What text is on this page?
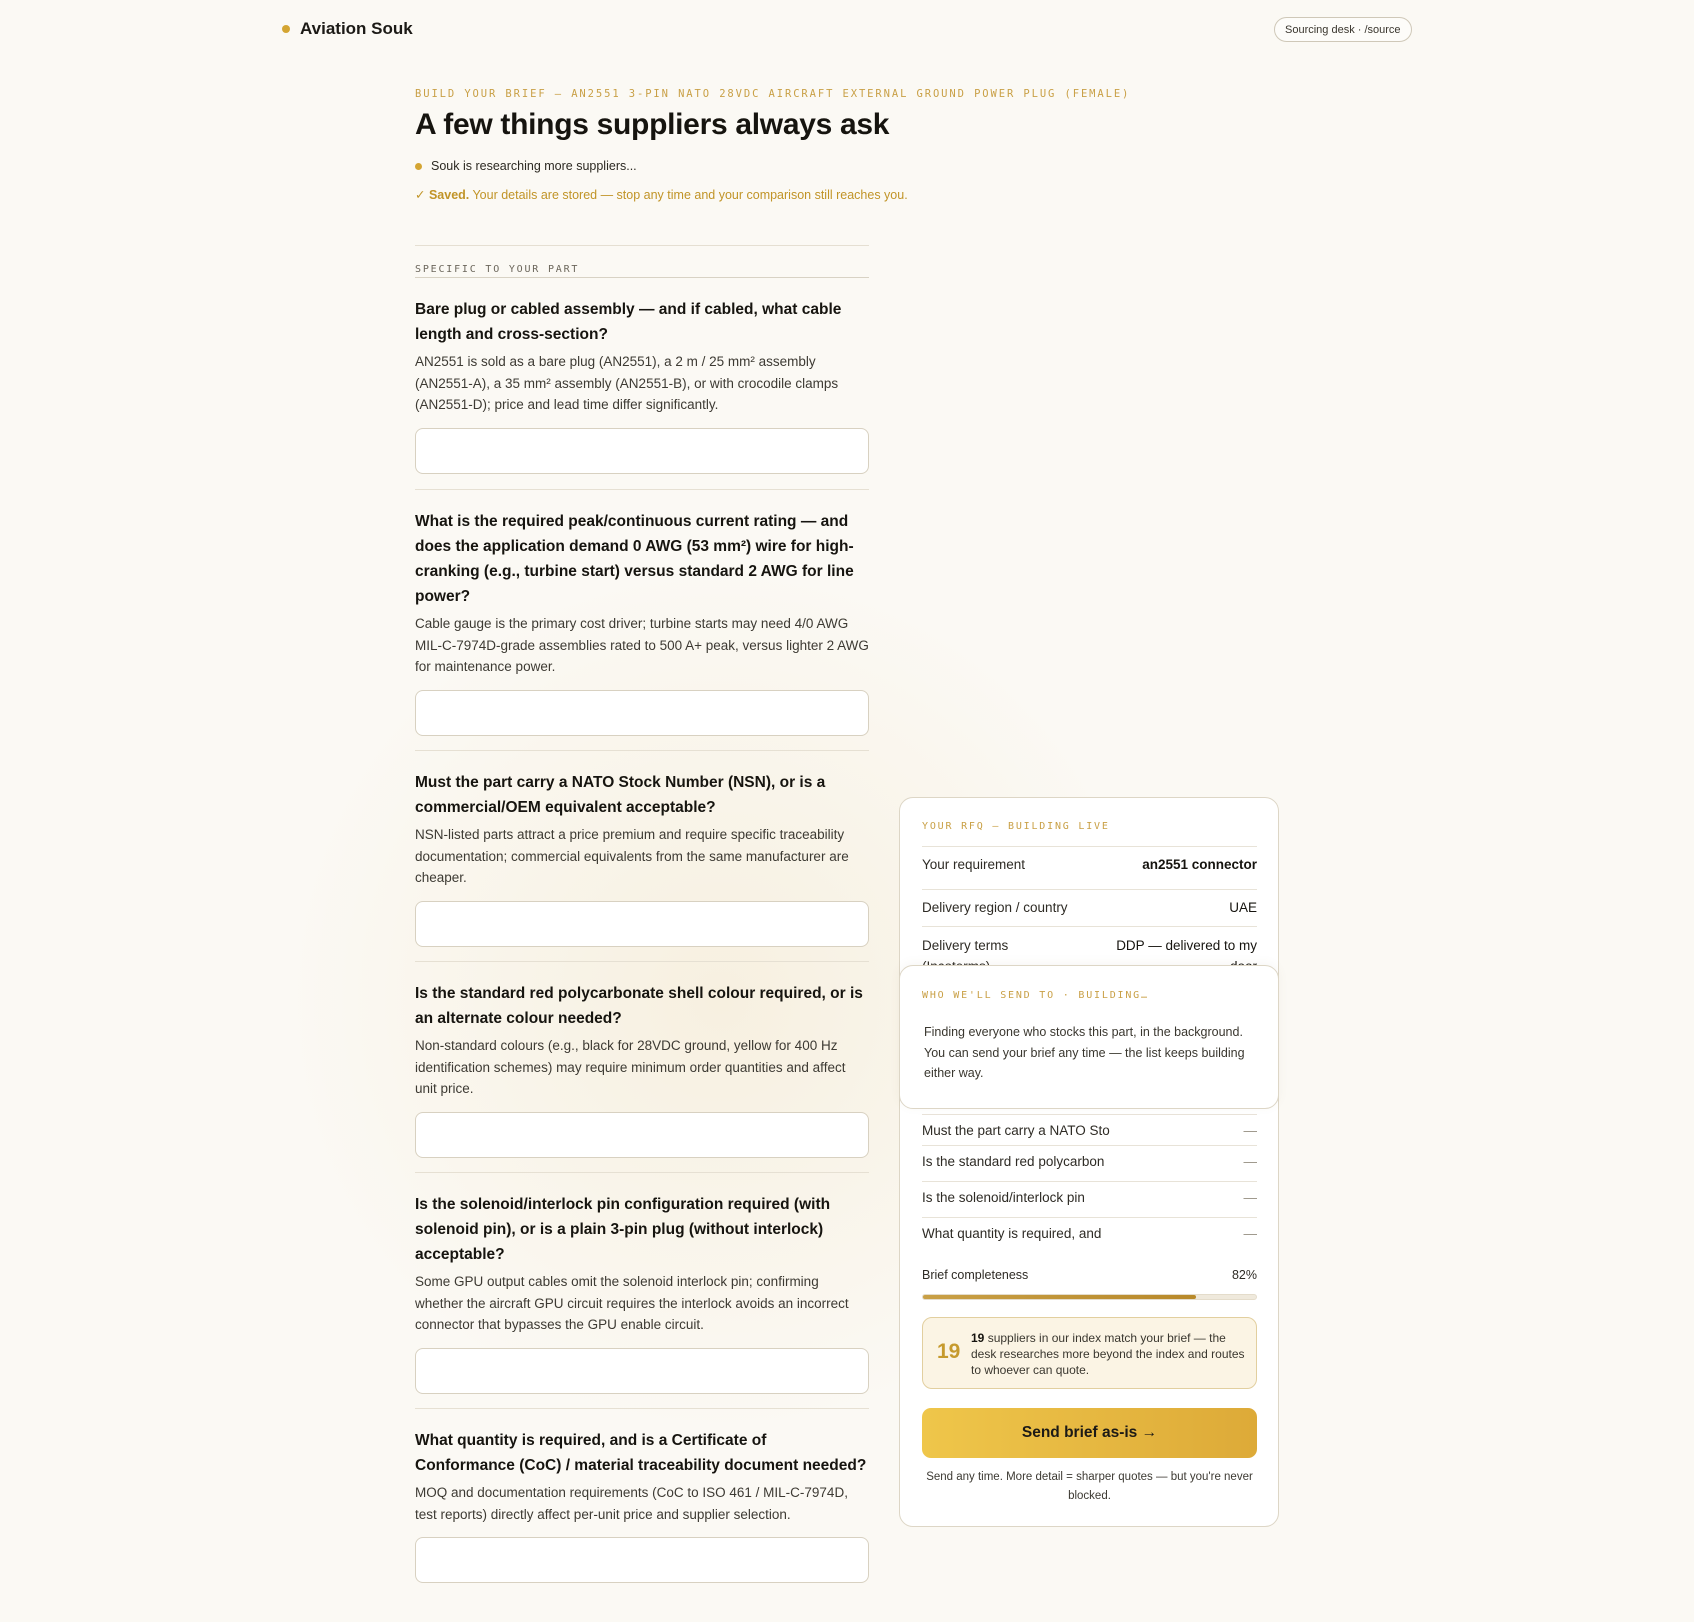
Aviation Souk	Sourcing desk · /source
BUILD YOUR BRIEF — AN2551 3-PIN NATO 28VDC AIRCRAFT EXTERNAL GROUND POWER PLUG (FEMALE)
A few things suppliers always ask
Souk is researching more suppliers...
✓ Saved. Your details are stored — stop any time and your comparison still reaches you.
SPECIFIC TO YOUR PART
Bare plug or cabled assembly — and if cabled, what cable length and cross-section?
AN2551 is sold as a bare plug (AN2551), a 2 m / 25 mm² assembly (AN2551-A), a 35 mm² assembly (AN2551-B), or with crocodile clamps (AN2551-D); price and lead time differ significantly.
What is the required peak/continuous current rating — and does the application demand 0 AWG (53 mm²) wire for high-cranking (e.g., turbine start) versus standard 2 AWG for line power?
Cable gauge is the primary cost driver; turbine starts may need 4/0 AWG MIL-C-7974D-grade assemblies rated to 500 A+ peak, versus lighter 2 AWG for maintenance power.
Must the part carry a NATO Stock Number (NSN), or is a commercial/OEM equivalent acceptable?
NSN-listed parts attract a price premium and require specific traceability documentation; commercial equivalents from the same manufacturer are cheaper.
Is the standard red polycarbonate shell colour required, or is an alternate colour needed?
Non-standard colours (e.g., black for 28VDC ground, yellow for 400 Hz identification schemes) may require minimum order quantities and affect unit price.
Is the solenoid/interlock pin configuration required (with solenoid pin), or is a plain 3-pin plug (without interlock) acceptable?
Some GPU output cables omit the solenoid interlock pin; confirming whether the aircraft GPU circuit requires the interlock avoids an incorrect connector that bypasses the GPU enable circuit.
What quantity is required, and is a Certificate of Conformance (CoC) / material traceability document needed?
MOQ and documentation requirements (CoC to ISO 461 / MIL-C-7974D, test reports) directly affect per-unit price and supplier selection.
YOUR RFQ — BUILDING LIVE
Your requirement	an2551 connector
Delivery region / country	UAE
Delivery terms	DDP — delivered to my
Must the part carry a NATO Sto	—
Is the standard red polycarbon	—
Is the solenoid/interlock pin	—
What quantity is required, and	—
Brief completeness	82%
19
19 suppliers in our index match your brief — the desk researches more beyond the index and routes to whoever can quote.
Send brief as-is →
Send any time. More detail = sharper quotes — but you're never blocked.
WHO WE'LL SEND TO · BUILDING…
Finding everyone who stocks this part, in the background. You can send your brief any time — the list keeps building either way.
